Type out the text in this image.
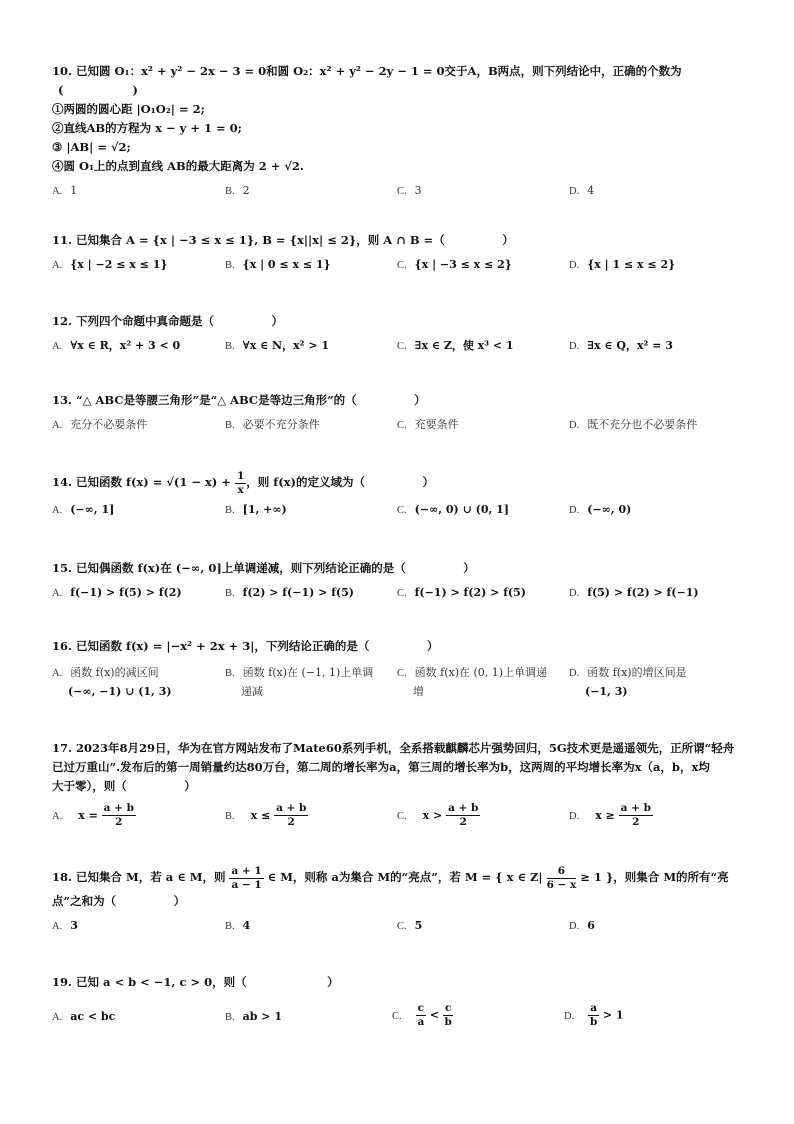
10. 已知圆 O₁：x² + y² − 2x − 3 = 0和圆 O₂：x² + y² − 2y − 1 = 0交于A，B两点，则下列结论中，正确的个数为
(　　　　　　)
①两圆的圆心距 |O₁O₂| = 2;
②直线AB的方程为 x − y + 1 = 0;
③ |AB| = √2;
④圆 O₁上的点到直线 AB的最大距离为 2 + √2.
A. 1	B. 2	C. 3	D. 4
11. 已知集合 A = {x | −3 ≤ x ≤ 1}, B = {x||x| ≤ 2}，则 A ∩ B =（　　　　　）
A. {x | −2 ≤ x ≤ 1}	B. {x | 0 ≤ x ≤ 1}	C. {x | −3 ≤ x ≤ 2}	D. {x | 1 ≤ x ≤ 2}
12. 下列四个命题中真命题是（　　　　　）
A. ∀x ∈ R，x² + 3 < 0	B. ∀x ∈ N，x² > 1	C. ∃x ∈ Z，使 x³ < 1	D. ∃x ∈ Q，x² = 3
13. “△ ABC是等腰三角形”是“△ ABC是等边三角形”的（　　　　　）
A. 充分不必要条件	B. 必要不充分条件	C. 充要条件	D. 既不充分也不必要条件
14. 已知函数 $f(x) = √(1 - x) + \frac{1}{x}$ ，则 f(x)的定义域为（　　　　　）
A. (−∞, 1]	B. [1, +∞)	C. (−∞, 0) ∪ (0, 1]	D. (−∞, 0)
15. 已知偶函数 f(x)在 (−∞, 0]上单调递减，则下列结论正确的是（　　　　　）
A. f(−1) > f(5) > f(2)	B. f(2) > f(−1) > f(5)	C. f(−1) > f(2) > f(5)	D. f(5) > f(2) > f(−1)
16. 已知函数 f(x) = |−x² + 2x + 3|，下列结论正确的是（　　　　　）
A. 函数 f(x)的减区间
(−∞, −1) ∪ (1, 3)
B. 函数 f(x)在 (−1, 1)上单调
递减
C. 函数 f(x)在 (0, 1)上单调递
增
D. 函数 f(x)的增区间是
(−1, 3)
17. 2023年8月29日，华为在官方网站发布了Mate60系列手机，全系搭载麒麟芯片强势回归，5G技术更是遥遥领先，正所谓“轻舟
已过万重山”.发布后的第一周销量约达80万台，第二周的增长率为a，第三周的增长率为b，这两周的平均增长率为x（a，b，x均
大于零），则（　　　　　）
A. $x = \frac{a + b}{2}$	B. $x \le \frac{a + b}{2}$	C. $x > \frac{a + b}{2}$	D. $x \ge \frac{a + b}{2}$
18. 已知集合 M，若 a ∈ M，则 $\frac{a + 1}{a - 1}$ ∈ M，则称 a为集合 M的“亮点”，若 M = { x ∈ $Z| \frac{6}{6 - x} \ge 1$ }，则集合 M的所有“亮
点”之和为（　　　　　）
A. 3	B. 4	C. 5	D. 6
19. 已知 a < b < −1, c > 0，则（　　　　　　　）
A. ac < bc	B. ab > 1	C. $\frac{c}{a} < \frac{c}{b}$	D. $\frac{a}{b} > 1$
